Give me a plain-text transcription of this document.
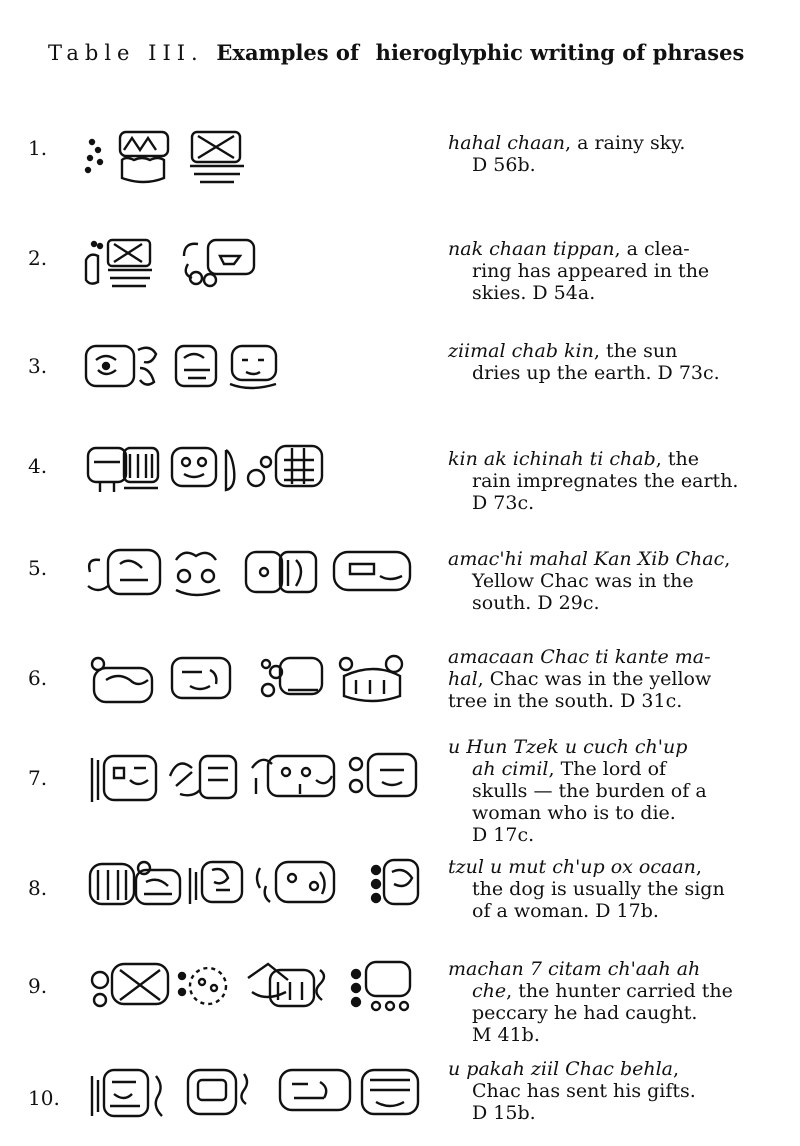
Table III. Examples of hieroglyphic writing of phrases
1.	hahal chaan, a rainy sky.
D 56b.
2.	nak chaan tippan, a clea-
ring has appeared in the
skies. D 54a.
3.
ziimal chab kin, the sun
dries up the earth. D 73c.
4.	kin ak ichinah ti chab, the
rain impregnates the earth.
D 73c.
5.	amac'hi mahal Kan Xib Chac,
Yellow Chac was in the
south. D 29c.
6.
amacaan Chac ti kante ma-
hal, Chac was in the yellow
tree in the south. D 31c.
7.
u Hun Tzek u cuch ch'up
ah cimil, The lord of
skulls — the burden of a
woman who is to die.
D 17c.
8.
tzul u mut ch'up ox ocaan,
the dog is usually the sign
of a woman. D 17b.
9.
machan 7 citam ch'aah ah
che, the hunter carried the
peccary he had caught.
M 41b.
10.
u pakah ziil Chac behla,
Chac has sent his gifts.
D 15b.
